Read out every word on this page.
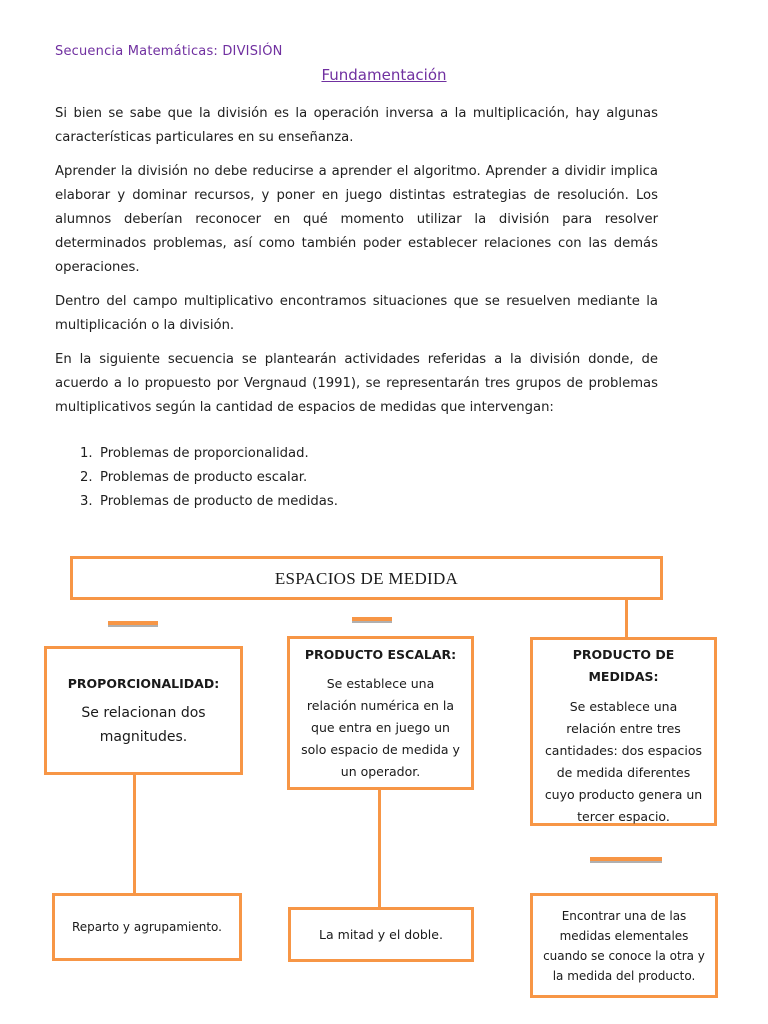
Secuencia Matemáticas: DIVISIÓN
Fundamentación
Si bien se sabe que la división es la operación inversa a la multiplicación, hay algunas características particulares en su enseñanza.
Aprender la división no debe reducirse a aprender el algoritmo. Aprender a dividir implica elaborar y dominar recursos, y poner en juego distintas estrategias de resolución. Los alumnos deberían reconocer en qué momento utilizar la división para resolver determinados problemas, así como también poder establecer relaciones con las demás operaciones.
Dentro del campo multiplicativo encontramos situaciones que se resuelven mediante la multiplicación o la división.
En la siguiente secuencia se plantearán actividades referidas a la división donde, de acuerdo a lo propuesto por Vergnaud (1991), se representarán tres grupos de problemas multiplicativos según la cantidad de espacios de medidas que intervengan:
1. Problemas de proporcionalidad.
2. Problemas de producto escalar.
3. Problemas de producto de medidas.
ESPACIOS DE MEDIDA
PROPORCIONALIDAD:
Se relacionan dos magnitudes.
PRODUCTO ESCALAR:
Se establece una relación numérica en la que entra en juego un solo espacio de medida y un operador.
PRODUCTO DE MEDIDAS:
Se establece una relación entre tres cantidades: dos espacios de medida diferentes cuyo producto genera un tercer espacio.
Reparto y agrupamiento.	La mitad y el doble.
Encontrar una de las medidas elementales cuando se conoce la otra y la medida del producto.
